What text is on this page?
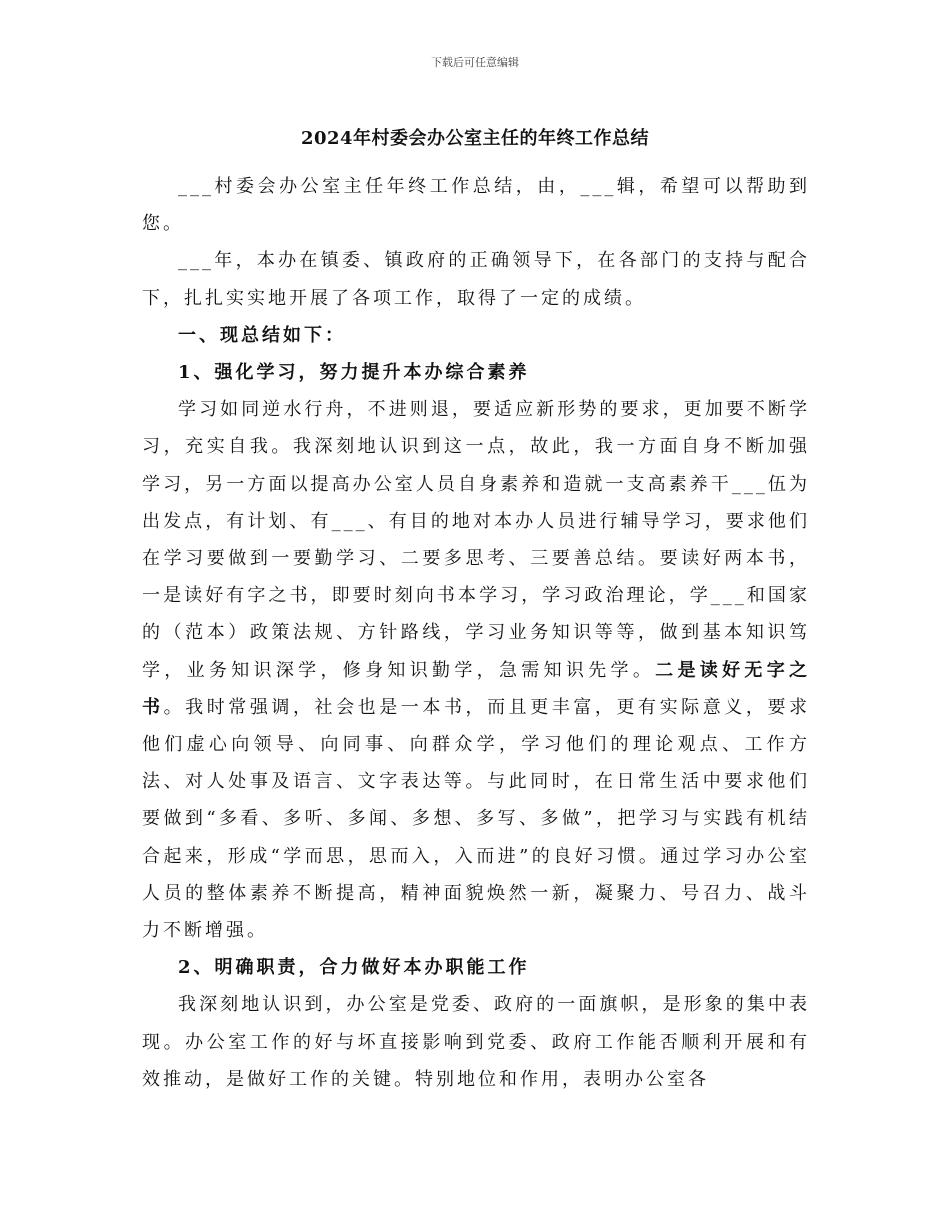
下载后可任意编辑
2024年村委会办公室主任的年终工作总结

___村委会办公室主任年终工作总结，由，___辑，希望可以帮助到您。

___年，本办在镇委、镇政府的正确领导下，在各部门的支持与配合下，扎扎实实地开展了各项工作，取得了一定的成绩。

一、现总结如下：

1、强化学习，努力提升本办综合素养

学习如同逆水行舟，不进则退，要适应新形势的要求，更加要不断学习，充实自我。我深刻地认识到这一点，故此，我一方面自身不断加强学习，另一方面以提高办公室人员自身素养和造就一支高素养干___伍为出发点，有计划、有___、有目的地对本办人员进行辅导学习，要求他们在学习要做到一要勤学习、二要多思考、三要善总结。要读好两本书，一是读好有字之书，即要时刻向书本学习，学习政治理论，学___和国家的（范本）政策法规、方针路线，学习业务知识等等，做到基本知识笃学，业务知识深学，修身知识勤学，急需知识先学。二是读好无字之书。我时常强调，社会也是一本书，而且更丰富，更有实际意义，要求他们虚心向领导、向同事、向群众学，学习他们的理论观点、工作方法、对人处事及语言、文字表达等。与此同时，在日常生活中要求他们要做到“多看、多听、多闻、多想、多写、多做”，把学习与实践有机结合起来，形成“学而思，思而入，入而进”的良好习惯。通过学习办公室人员的整体素养不断提高，精神面貌焕然一新，凝聚力、号召力、战斗力不断增强。

2、明确职责，合力做好本办职能工作

我深刻地认识到，办公室是党委、政府的一面旗帜，是形象的集中表现。办公室工作的好与坏直接影响到党委、政府工作能否顺利开展和有效推动，是做好工作的关键。特别地位和作用，表明办公室各
